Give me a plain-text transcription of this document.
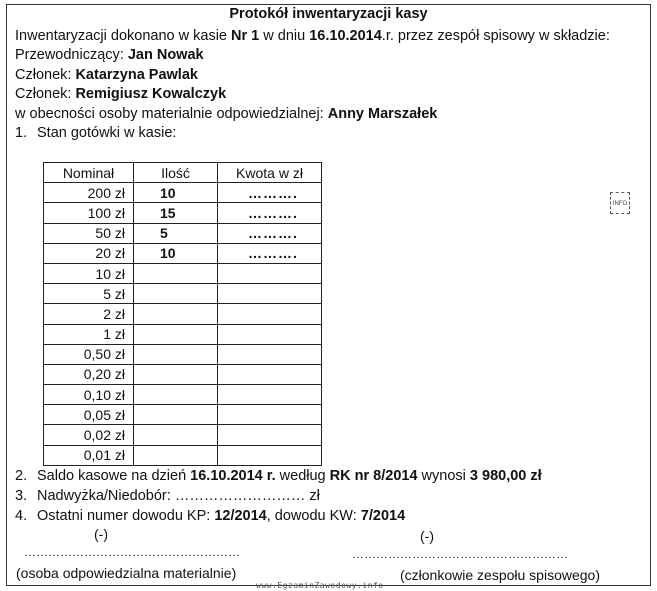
Protokół inwentaryzacji kasy
Inwentaryzacji dokonano w kasie Nr 1 w dniu 16.10.2014.r. przez zespół spisowy w składzie:
Przewodniczący: Jan Nowak
Członek: Katarzyna Pawlak
Członek: Remigiusz Kowalczyk
w obecności osoby materialnie odpowiedzialnej: Anny Marszałek
1. Stan gotówki w kasie:
Nominał	Ilość	Kwota w zł
200 zł	10	……….
100 zł	15	……….
50 zł	5	……….
20 zł	10	……….
10 zł		
5 zł		
2 zł		
1 zł		
0,50 zł		
0,20 zł		
0,10 zł		
0,05 zł		
0,02 zł		
0,01 zł		
INFO
2. Saldo kasowe na dzień 16.10.2014 r. według RK nr 8/2014 wynosi 3 980,00 zł
3. Nadwyżka/Niedobór: ……………………… zł
4. Ostatni numer dowodu KP: 12/2014, dowodu KW: 7/2014
(-)	(-)
………………………………………………	………………………………………………
(osoba odpowiedzialna materialnie)	(członkowie zespołu spisowego)
www.EgzaminZawodowy.info
